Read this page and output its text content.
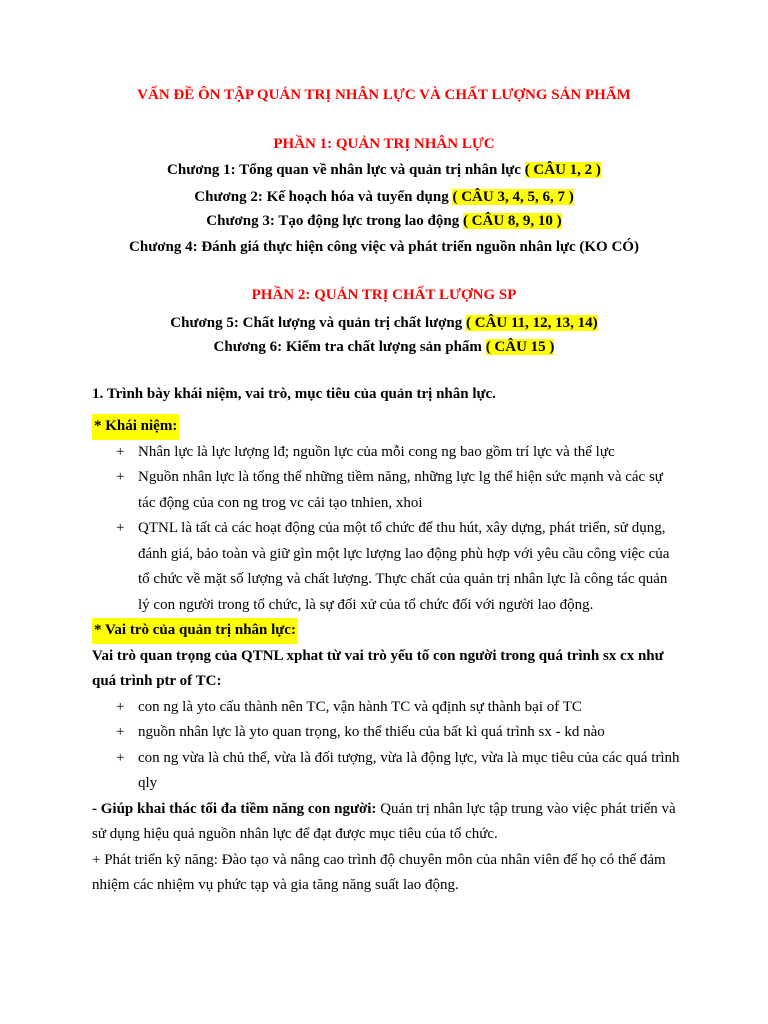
VẤN ĐỀ ÔN TẬP QUẢN TRỊ NHÂN LỰC VÀ CHẤT LƯỢNG SẢN PHẨM
PHẦN 1: QUẢN TRỊ NHÂN LỰC
Chương 1: Tổng quan về nhân lực và quản trị nhân lực ( CÂU 1, 2 )
Chương 2: Kế hoạch hóa và tuyển dụng ( CÂU 3, 4, 5, 6, 7 )
Chương 3: Tạo động lực trong lao động ( CÂU 8, 9, 10 )
Chương 4: Đánh giá thực hiện công việc và phát triển nguồn nhân lực (KO CÓ)
PHẦN 2: QUẢN TRỊ CHẤT LƯỢNG SP
Chương 5: Chất lượng và quản trị chất lượng ( CÂU 11, 12, 13, 14)
Chương 6: Kiểm tra chất lượng sản phẩm ( CÂU 15 )
1. Trình bày khái niệm, vai trò, mục tiêu của quản trị nhân lực.
* Khái niệm:
+ Nhân lực là lực lượng lđ; nguồn lực của mỗi cong ng bao gồm trí lực và thể lực
+ Nguồn nhân lực là tổng thể những tiềm năng, những lực lg thể hiện sức mạnh và các sự tác động của con ng trog vc cải tạo tnhien, xhoi
+ QTNL là tất cả các hoạt động của một tổ chức để thu hút, xây dựng, phát triển, sử dụng, đánh giá, bảo toàn và giữ gìn một lực lượng lao động phù hợp với yêu cầu công việc của tổ chức về mặt số lượng và chất lượng. Thực chất của quản trị nhân lực là công tác quản lý con người trong tổ chức, là sự đối xử của tổ chức đối với người lao động.
* Vai trò của quản trị nhân lực:
Vai trò quan trọng của QTNL xphat từ vai trò yếu tố con người trong quá trình sx cx như quá trình ptr of TC:
+ con ng là yto cấu thành nên TC, vận hành TC và qđịnh sự thành bại of TC
+ nguồn nhân lực là yto quan trọng, ko thể thiếu của bất kì quá trình sx - kd nào
+ con ng vừa là chủ thể, vừa là đối tượng, vừa là động lực, vừa là mục tiêu của các quá trình qly
- Giúp khai thác tối đa tiềm năng con người: Quản trị nhân lực tập trung vào việc phát triển và sử dụng hiệu quả nguồn nhân lực để đạt được mục tiêu của tổ chức.
+ Phát triển kỹ năng: Đào tạo và nâng cao trình độ chuyên môn của nhân viên để họ có thể đảm nhiệm các nhiệm vụ phức tạp và gia tăng năng suất lao động.
